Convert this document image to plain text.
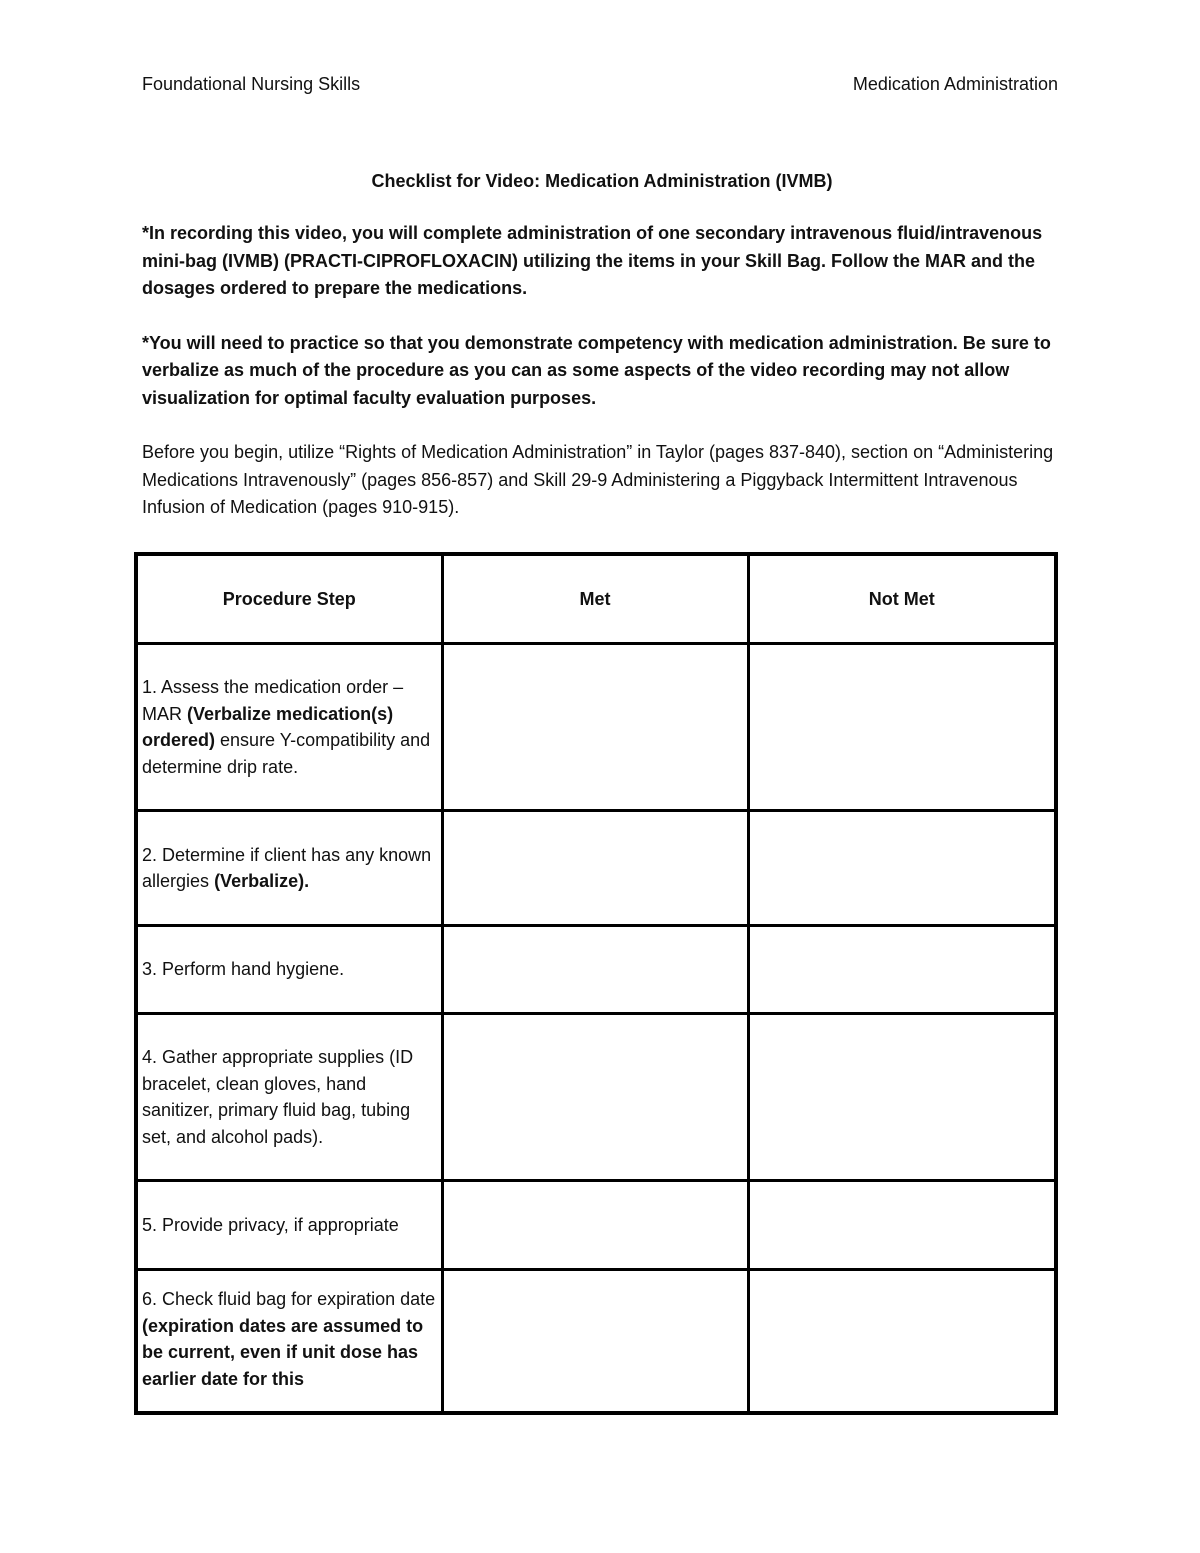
Foundational Nursing Skills	Medication Administration
Checklist for Video: Medication Administration (IVMB)

*In recording this video, you will complete administration of one secondary intravenous fluid/intravenous mini-bag (IVMB) (PRACTI-CIPROFLOXACIN) utilizing the items in your Skill Bag. Follow the MAR and the dosages ordered to prepare the medications.

*You will need to practice so that you demonstrate competency with medication administration. Be sure to verbalize as much of the procedure as you can as some aspects of the video recording may not allow visualization for optimal faculty evaluation purposes.

Before you begin, utilize “Rights of Medication Administration” in Taylor (pages 837-840), section on “Administering Medications Intravenously” (pages 856-857) and Skill 29-9 Administering a Piggyback Intermittent Intravenous Infusion of Medication (pages 910-915).

Procedure Step	Met	Not Met
1. Assess the medication order – MAR (Verbalize medication(s) ordered) ensure Y-compatibility and determine drip rate.		
2. Determine if client has any known allergies (Verbalize).		
3. Perform hand hygiene.		
4. Gather appropriate supplies (ID bracelet, clean gloves, hand sanitizer, primary fluid bag, tubing set, and alcohol pads).		
5. Provide privacy, if appropriate		

6. Check fluid bag for expiration date (expiration dates are assumed to be current, even if unit dose has earlier date for this		
